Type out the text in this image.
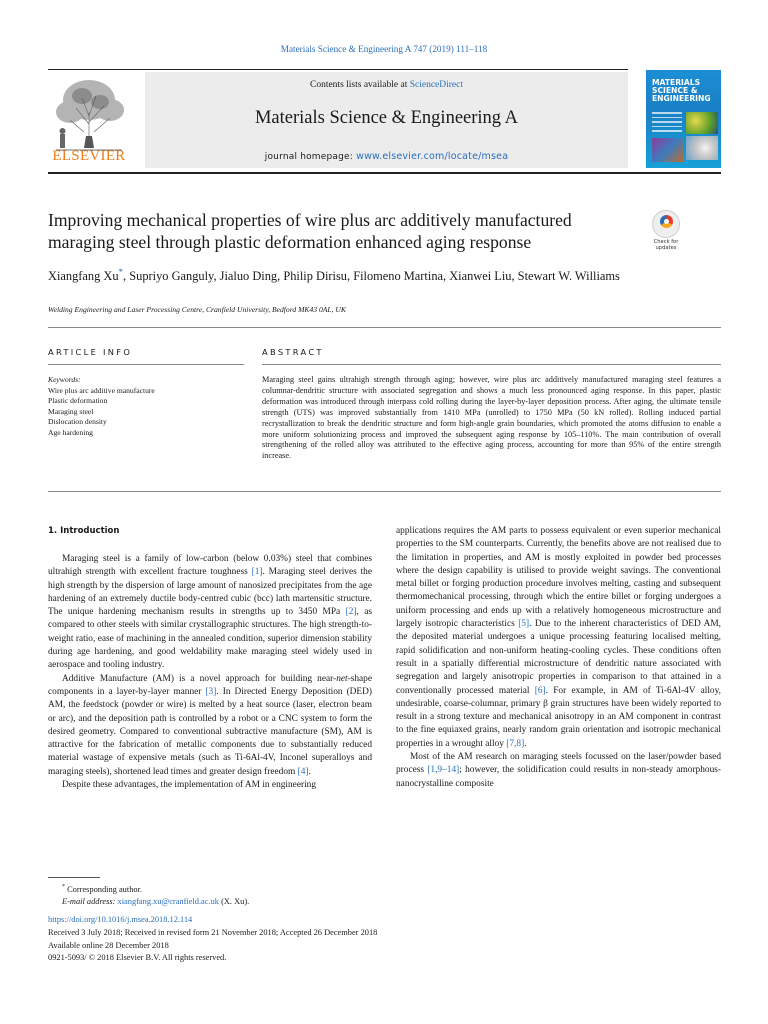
Materials Science & Engineering A 747 (2019) 111–118
ELSEVIER
Contents lists available at ScienceDirect
Materials Science & Engineering A
journal homepage: www.elsevier.com/locate/msea
MATERIALS SCIENCE & ENGINEERING
Improving mechanical properties of wire plus arc additively manufactured maraging steel through plastic deformation enhanced aging response	Check for updates
Xiangfang Xu*, Supriyo Ganguly, Jialuo Ding, Philip Dirisu, Filomeno Martina, Xianwei Liu, Stewart W. Williams
Welding Engineering and Laser Processing Centre, Cranfield University, Bedford MK43 0AL, UK
ARTICLE INFO	ABSTRACT
Keywords:
Wire plus arc additive manufacture
Plastic deformation
Maraging steel
Dislocation density
Age hardening
Maraging steel gains ultrahigh strength through aging; however, wire plus arc additively manufactured maraging steel features a columnar-dendritic structure with associated segregation and shows a much less pronounced aging response. In this paper, plastic deformation was introduced through interpass cold rolling during the layer-by-layer deposition process. After aging, the ultimate tensile strength (UTS) was improved substantially from 1410 MPa (unrolled) to 1750 MPa (50 kN rolled). Rolling induced partial recrystallization to break the dendritic structure and form high-angle grain boundaries, which promoted the atoms diffusion to enable a more uniform solutionizing process and improved the subsequent aging response by 105–110%. The main contribution of overall strengthening of the rolled alloy was attributed to the effective aging process, accounting for more than 95% of the entire strength increase.
1. Introduction
Maraging steel is a family of low-carbon (below 0.03%) steel that combines ultrahigh strength with excellent fracture toughness [1]. Maraging steel derives the high strength by the dispersion of large amount of nanosized precipitates from the age hardening of an extremely ductile body-centred cubic (bcc) lath martensitic structure. The unique hardening mechanism results in strengths up to 3450 MPa [2], as compared to other steels with similar crystallographic structures. The high strength-to-weight ratio, ease of machining in the annealed condition, superior dimension stability during age hardening, and good weldability make maraging steel widely used in aerospace and tooling industry.
Additive Manufacture (AM) is a novel approach for building near-net-shape components in a layer-by-layer manner [3]. In Directed Energy Deposition (DED) AM, the feedstock (powder or wire) is melted by a heat source (laser, electron beam or arc), and the deposition path is controlled by a robot or a CNC system to form the desired geometry. Compared to conventional subtractive manufacture (SM), AM is attractive for the fabrication of metallic components due to substantially reduced material wastage of expensive metals (such as Ti-6Al-4V, Inconel superalloys and maraging steels), shortened lead times and greater design freedom [4].
Despite these advantages, the implementation of AM in engineering
applications requires the AM parts to possess equivalent or even superior mechanical properties to the SM counterparts. Currently, the benefits above are not realised due to the limitation in properties, and AM is mostly exploited in powder bed processes where the design capability is utilised to provide weight savings. The conventional metal billet or forging production procedure involves melting, casting and subsequent thermomechanical processing, through which the entire billet or forging undergoes a uniform processing and ends up with a relatively homogeneous microstructure and largely isotropic characteristics [5]. Due to the inherent characteristics of DED AM, the deposited material undergoes a unique processing featuring localised melting, rapid solidification and non-uniform heating-cooling cycles. These conditions often result in a spatially differential microstructure of dendritic nature associated with segregation and largely anisotropic properties in comparison to that attained in a conventionally processed material [6]. For example, in AM of Ti-6Al-4V alloy, undesirable, coarse-columnar, primary β grain structures have been widely reported to result in a strong texture and mechanical anisotropy in an AM component in contrast to the fine equiaxed grains, nearly random grain orientation and isotropic mechanical properties in a wrought alloy [7,8].
Most of the AM research on maraging steels focussed on the laser/powder based process [1,9–14]; however, the solidification could results in non-steady amorphous-nanocrystalline composite
* Corresponding author.
E-mail address: xiangfang.xu@cranfield.ac.uk (X. Xu).
https://doi.org/10.1016/j.msea.2018.12.114
Received 3 July 2018; Received in revised form 21 November 2018; Accepted 26 December 2018
Available online 28 December 2018
0921-5093/ © 2018 Elsevier B.V. All rights reserved.
